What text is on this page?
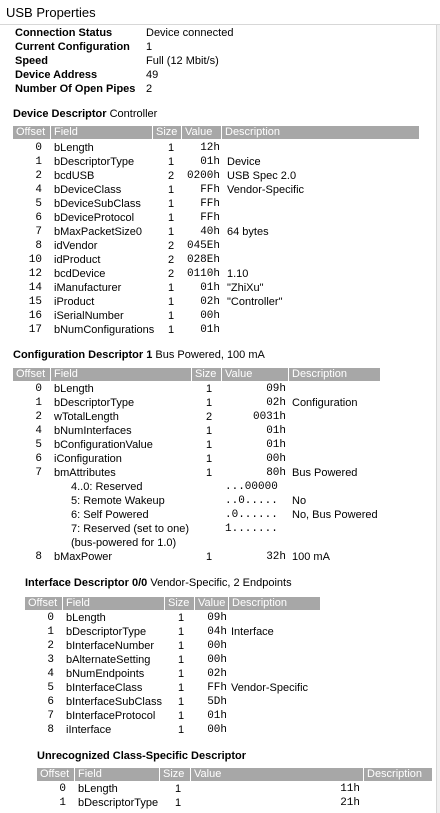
USB Properties
Connection Status	Device connected
Current Configuration 1
Speed	Full (12 Mbit/s)
Device Address	49
Number Of Open Pipes 2
Device Descriptor Controller
Offset Field	Size Value	Description
0 bLength	1	12h
1 bDescriptorType	1	01h Device
2 bcdUSB	2	0200h USB Spec 2.0
4 bDeviceClass	1	FFh Vendor-Specific
5 bDeviceSubClass 1	FFh
6 bDeviceProtocol	1	FFh
7 bMaxPacketSize0 1	40h 64 bytes
8 idVendor	2	045Eh
10 idProduct	2	028Eh
12 bcdDevice	2	0110h 1.10
14 iManufacturer	1	01h "ZhiXu"
15 iProduct	1	02h "Controller"
16 iSerialNumber	1	00h
17 bNumConfigurations 1	01h
Configuration Descriptor 1 Bus Powered, 100 mA
Offset Field	Size Value	Description
0 bLength	1	09h
1 bDescriptorType	1	02h Configuration
2 wTotalLength	2	0031h
4 bNumInterfaces	1	01h
5 bConfigurationValue	1	01h
6 iConfiguration	1	00h
7 bmAttributes	1	80h Bus Powered
4..0: Reserved	...00000
5: Remote Wakeup	..0..... No
6: Self Powered	.0...... No, Bus Powered
7: Reserved (set to one)	1.......
(bus-powered for 1.0)
8 bMaxPower	1	32h 100 mA
Interface Descriptor 0/0 Vendor-Specific, 2 Endpoints
Offset Field	Size Value Description
0 bLength	1	09h
1 bDescriptorType	1	04h Interface
2 bInterfaceNumber 1	00h
3 bAlternateSetting	1	00h
4 bNumEndpoints	1	02h
5 bInterfaceClass	1	FFh Vendor-Specific
6 bInterfaceSubClass 1	5Dh
7 bInterfaceProtocol 1	01h
8 iInterface	1	00h
Unrecognized Class-Specific Descriptor
Offset Field	Size Value	Description
0 bLength	1	11h
1 bDescriptorType 1	21h
